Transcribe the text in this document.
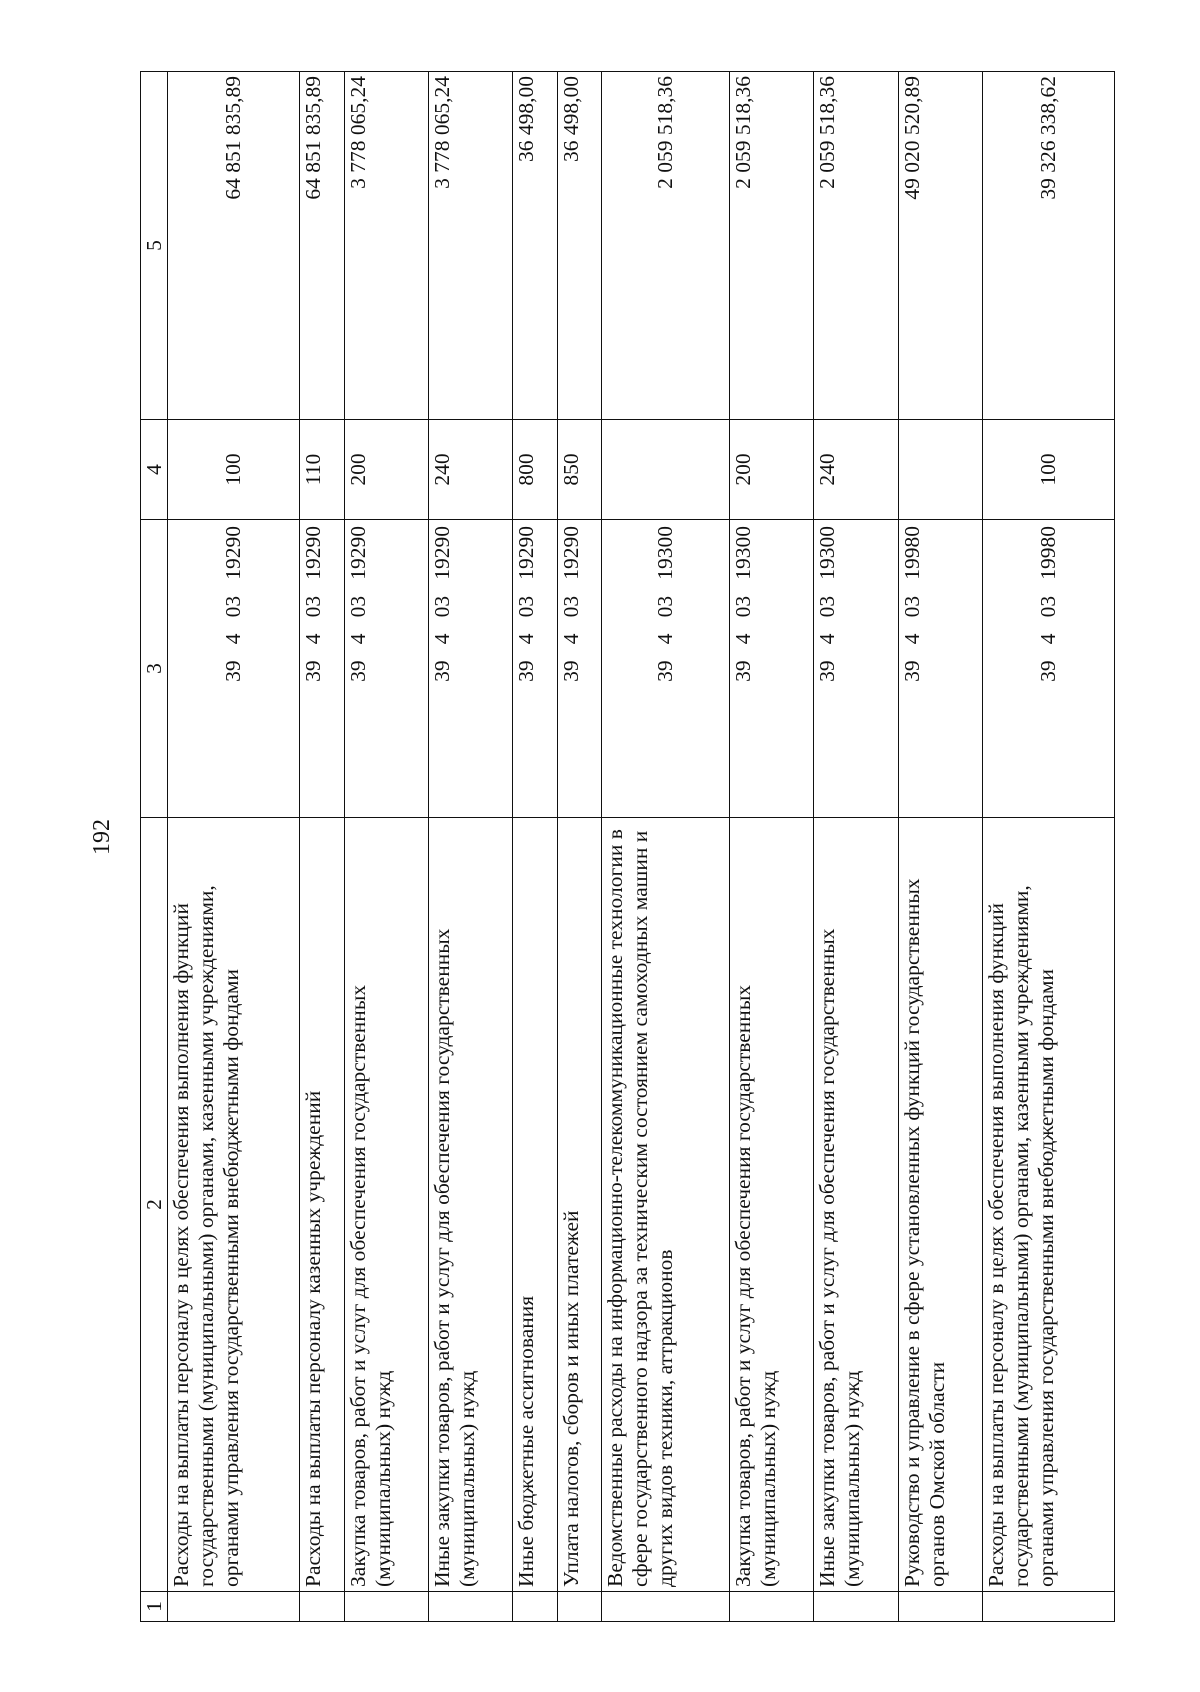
192
1	2	3	4	5
	Расходы на выплаты персоналу в целях обеспечения выполнения функций государственными (муниципальными) органами, казенными учреждениями, органами управления государственными внебюджетными фондами	39   4   03   19290	100	64 851 835,89
	Расходы на выплаты персоналу казенных учреждений	39   4   03   19290	110	64 851 835,89
	Закупка товаров, работ и услуг для обеспечения государственных (муниципальных) нужд	39   4   03   19290	200	3 778 065,24
	Иные закупки товаров, работ и услуг для обеспечения государственных (муниципальных) нужд	39   4   03   19290	240	3 778 065,24
	Иные бюджетные ассигнования	39   4   03   19290	800	36 498,00
	Уплата налогов, сборов и иных платежей	39   4   03   19290	850	36 498,00
	Ведомственные расходы на информационно-телекоммуникационные технологии в сфере государственного надзора за техническим состоянием самоходных машин и других видов техники, аттракционов	39   4   03   19300		2 059 518,36
	Закупка товаров, работ и услуг для обеспечения государственных (муниципальных) нужд	39   4   03   19300	200	2 059 518,36
	Иные закупки товаров, работ и услуг для обеспечения государственных (муниципальных) нужд	39   4   03   19300	240	2 059 518,36
	Руководство и управление в сфере установленных функций государственных органов Омской области	39   4   03   19980		49 020 520,89
	Расходы на выплаты персоналу в целях обеспечения выполнения функций государственными (муниципальными) органами, казенными учреждениями, органами управления государственными внебюджетными фондами	39   4   03   19980	100	39 326 338,62
